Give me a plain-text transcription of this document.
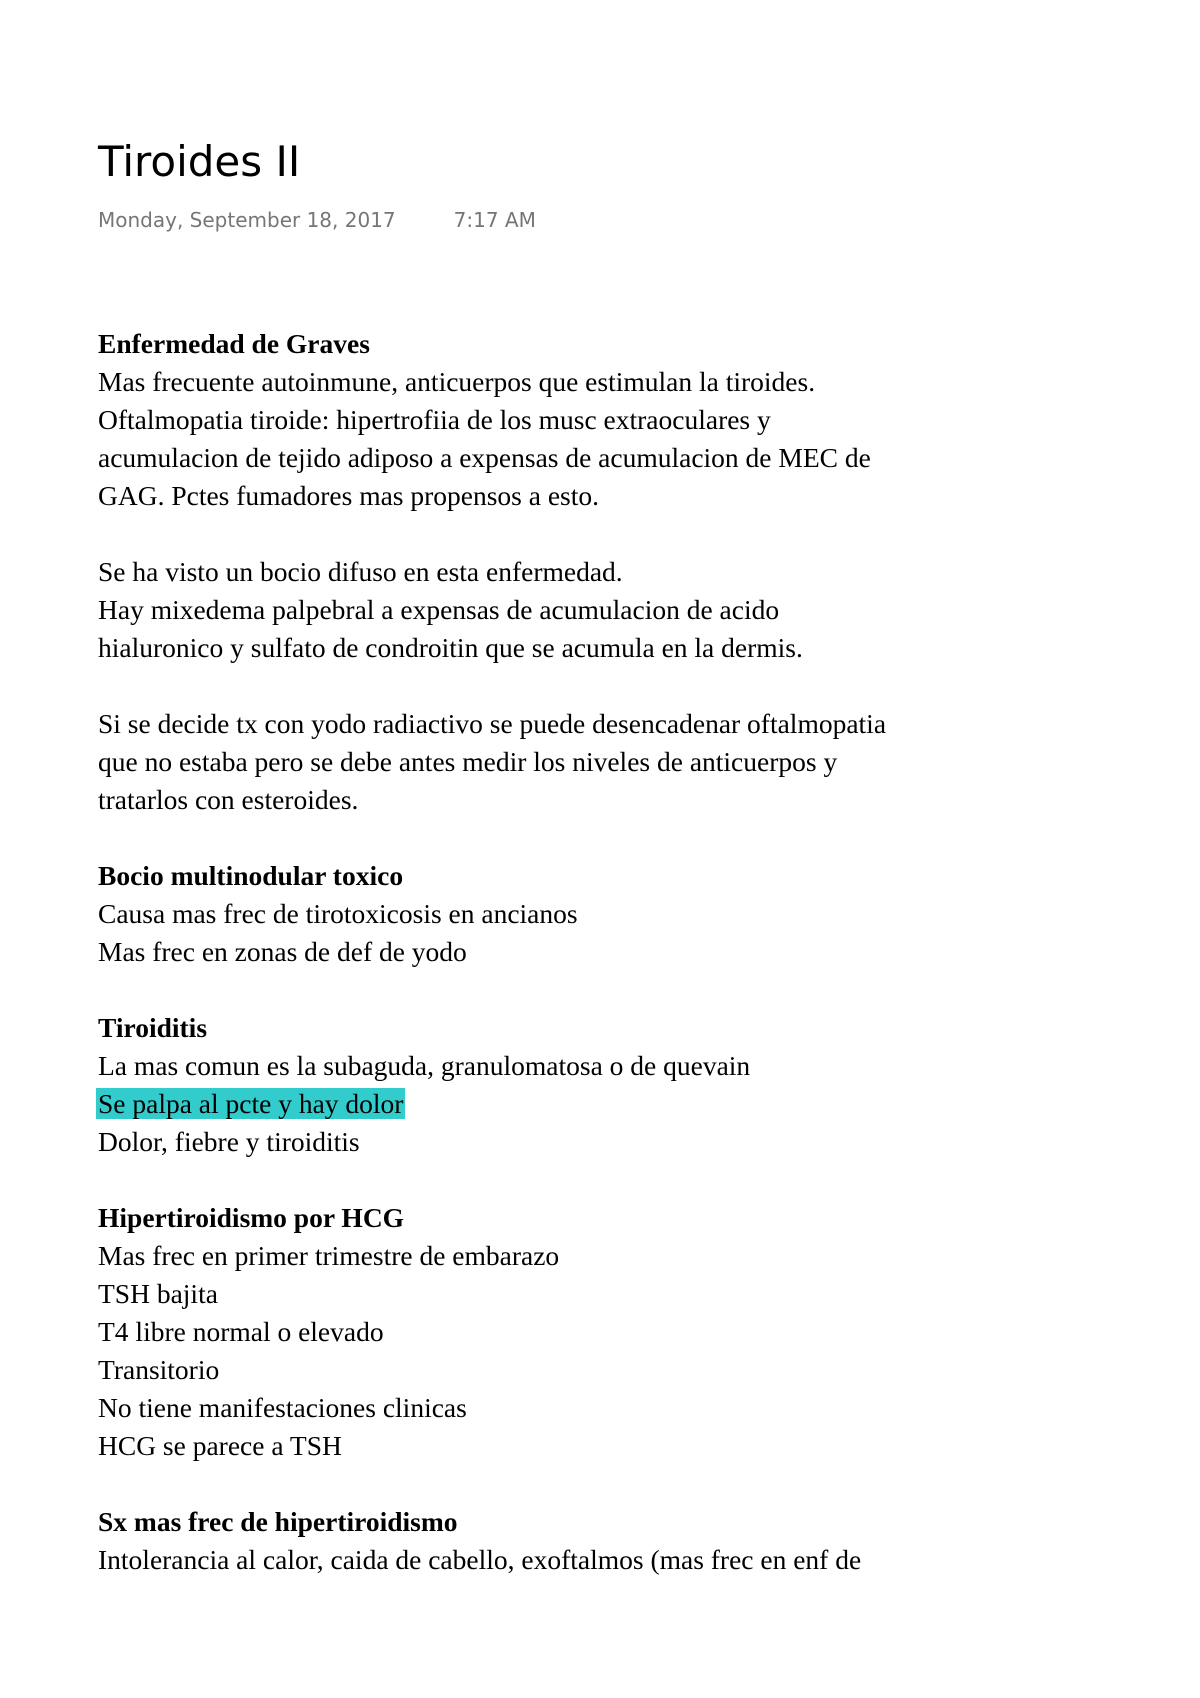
Tiroides II
Monday, September 18, 2017	7:17 AM
Enfermedad de Graves
Mas frecuente autoinmune, anticuerpos que estimulan la tiroides.
Oftalmopatia tiroide: hipertrofiia de los musc extraoculares y
acumulacion de tejido adiposo a expensas de acumulacion de MEC de
GAG. Pctes fumadores mas propensos a esto.
Se ha visto un bocio difuso en esta enfermedad.
Hay mixedema palpebral a expensas de acumulacion de acido
hialuronico y sulfato de condroitin que se acumula en la dermis.
Si se decide tx con yodo radiactivo se puede desencadenar oftalmopatia
que no estaba pero se debe antes medir los niveles de anticuerpos y
tratarlos con esteroides.
Bocio multinodular toxico
Causa mas frec de tirotoxicosis en ancianos
Mas frec en zonas de def de yodo
Tiroiditis
La mas comun es la subaguda, granulomatosa o de quevain
Se palpa al pcte y hay dolor
Dolor, fiebre y tiroiditis
Hipertiroidismo por HCG
Mas frec en primer trimestre de embarazo
TSH bajita
T4 libre normal o elevado
Transitorio
No tiene manifestaciones clinicas
HCG se parece a TSH
Sx mas frec de hipertiroidismo
Intolerancia al calor, caida de cabello, exoftalmos (mas frec en enf de
